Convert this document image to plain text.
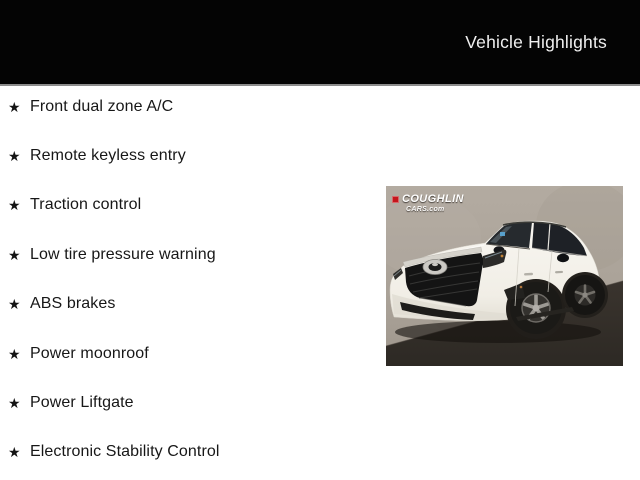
Vehicle Highlights
★ Front dual zone A/C
★ Remote keyless entry
★ Traction control
★ Low tire pressure warning
★ ABS brakes
★ Power moonroof
★ Power Liftgate
★ Electronic Stability Control
COUGHLIN
CARS.com
